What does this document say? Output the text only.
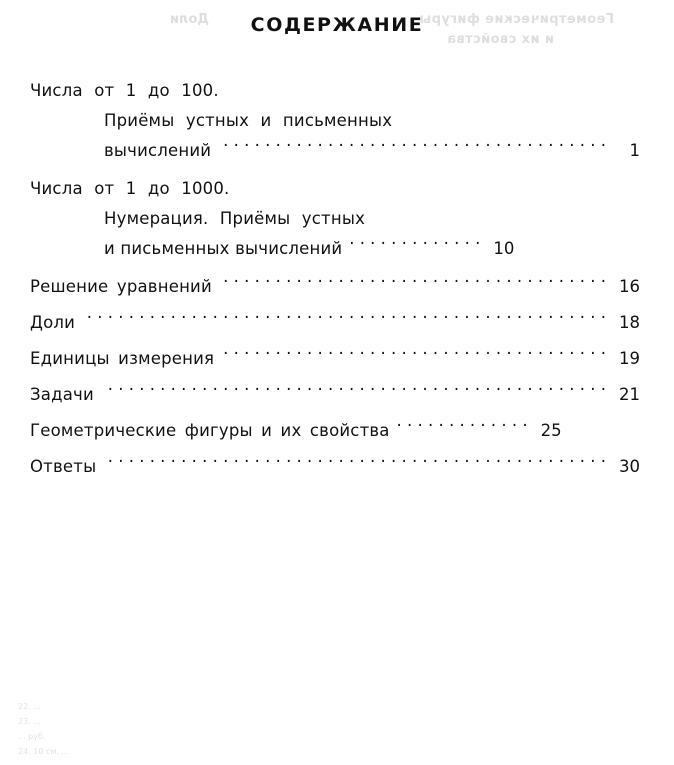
Геометрические фигуры
и их свойства
Доли	СОДЕРЖАНИЕ
Числа от 1 до 100.
Приёмы устных и письменных
вычислений . . .	1
Числа от 1 до 1000.
Нумерация. Приёмы устных
и письменных вычислений . . .	10
Решение уравнений . . .	16
Доли . . .	18
Единицы измерения . . .	19
Задачи . . .	21
Геометрические фигуры и их свойства . . .	25
Ответы . . .	30
22. ...
23. ...
... руб.
24. 10 см, ...
